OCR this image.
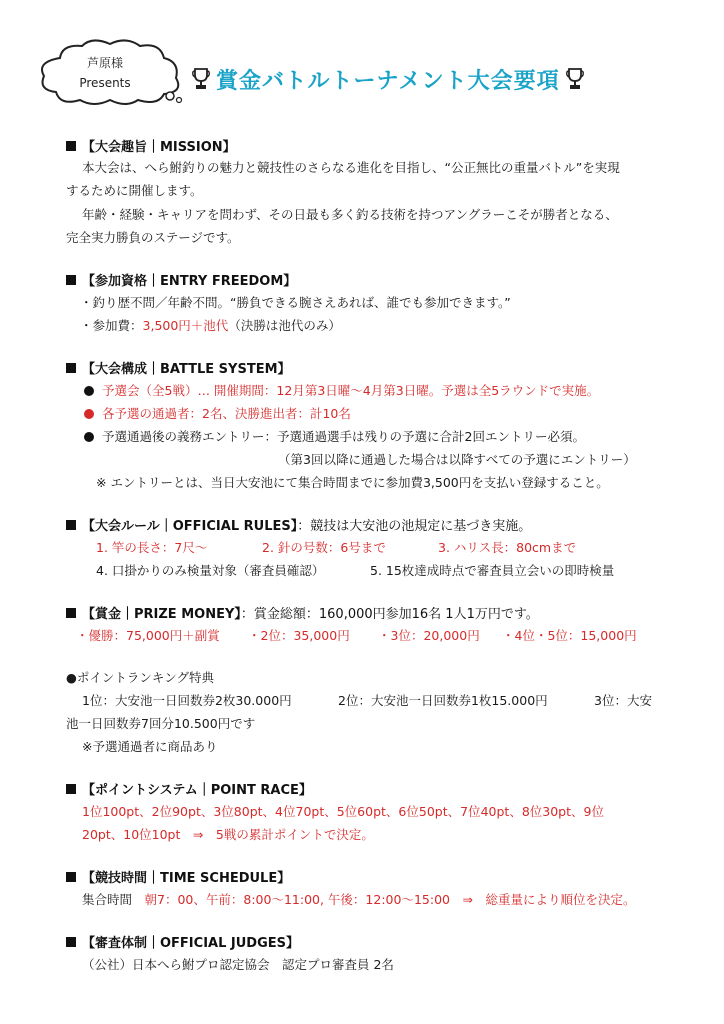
芦原様
Presents	賞金バトルトーナメント大会要項
【大会趣旨｜MISSION】
本大会は、へら鮒釣りの魅力と競技性のさらなる進化を目指し、“公正無比の重量バトル”を実現
するために開催します。
年齢・経験・キャリアを問わず、その日最も多く釣る技術を持つアングラーこそが勝者となる、
完全実力勝負のステージです。
【参加資格｜ENTRY FREEDOM】
・釣り歴不問／年齢不問。“勝負できる腕さえあれば、誰でも参加できます。”
・参加費：3,500円＋池代（決勝は池代のみ）
【大会構成｜BATTLE SYSTEM】
予選会（全5戦）… 開催期間：12月第3日曜～4月第3日曜。予選は全5ラウンドで実施。
各予選の通過者：2名、決勝進出者：計10名
予選通過後の義務エントリー：予選通過選手は残りの予選に合計2回エントリー必須。
（第3回以降に通過した場合は以降すべての予選にエントリー）
※ エントリーとは、当日大安池にて集合時間までに参加費3,500円を支払い登録すること。
【大会ルール｜OFFICIAL RULES】：競技は大安池の池規定に基づき実施。
1. 竿の長さ：7尺～	2. 針の号数：6号まで	3. ハリス長：80cmまで
4. 口掛かりのみ検量対象（審査員確認）	5. 15枚達成時点で審査員立会いの即時検量
【賞金｜PRIZE MONEY】：賞金総額：160,000円参加16名 1人1万円です。
・優勝：75,000円＋副賞 ・2位：35,000円 ・3位：20,000円 ・4位・5位：15,000円
●ポイントランキング特典
1位：大安池一日回数券2枚30.000円	2位：大安池一日回数券1枚15.000円	3位：大安
池一日回数券7回分10.500円です
※予選通過者に商品あり
【ポイントシステム｜POINT RACE】
1位100pt、2位90pt、3位80pt、4位70pt、5位60pt、6位50pt、7位40pt、8位30pt、9位
20pt、10位10pt　⇒　5戦の累計ポイントで決定。
【競技時間｜TIME SCHEDULE】
集合時間　 朝7：00、午前：8:00～11:00, 午後：12:00～15:00　⇒　総重量により順位を決定。
【審査体制｜OFFICIAL JUDGES】
（公社）日本へら鮒プロ認定協会　認定プロ審査員 2名
